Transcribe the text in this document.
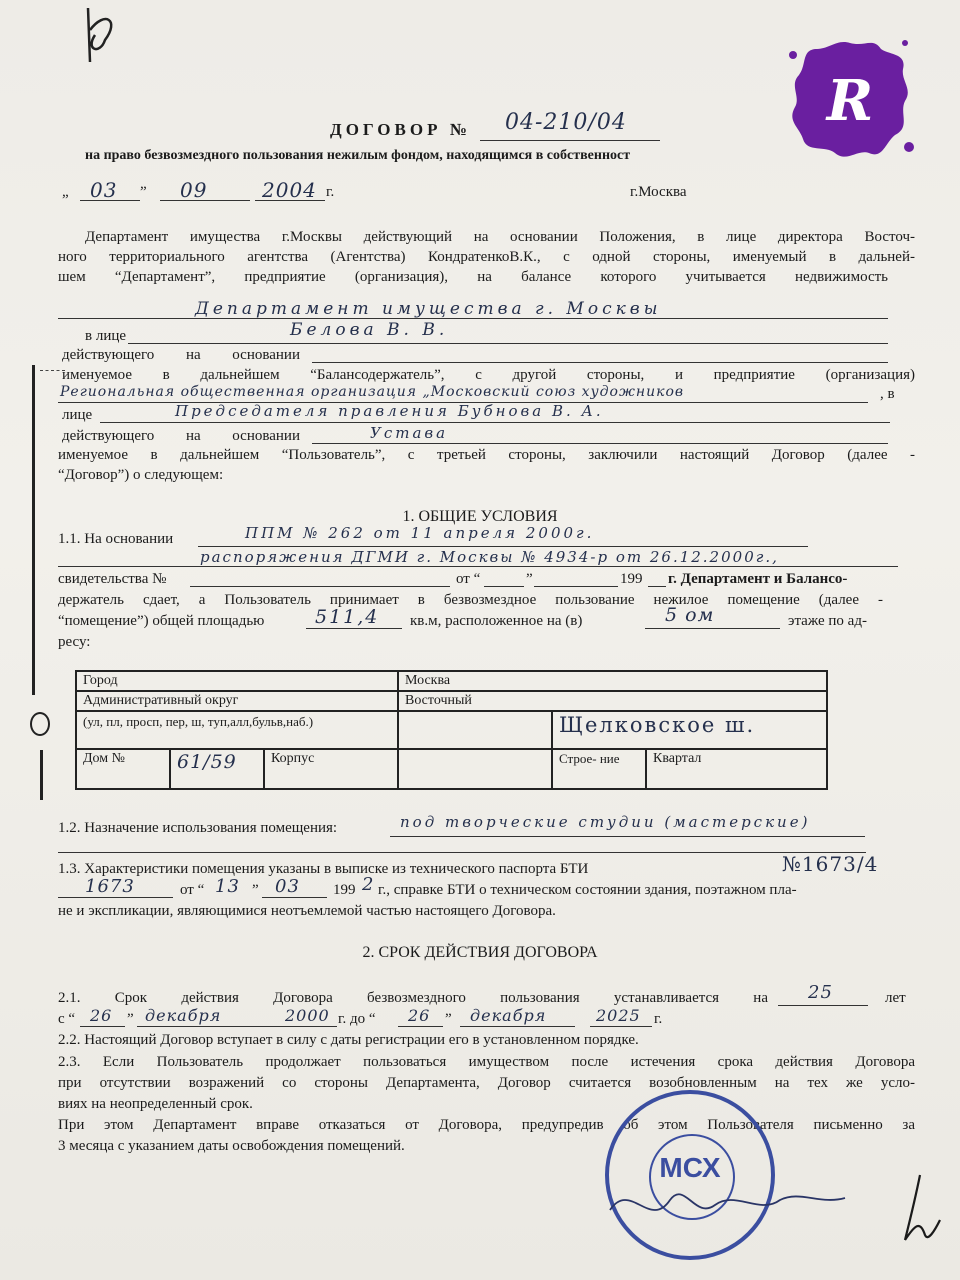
R
ДОГОВОР № 04-210/04
на право безвозмездного пользования нежилым фондом, находящимся в собственност
„ 03 ” 09	2004 г.	г.Москва
Департамент имущества г.Москвы действующий на основании Положения, в лице директора Восточ-
ного территориального агентства (Агентства) КондратенкоВ.К., с одной стороны, именуемый в дальней-
шем “Департамент”, предприятие (организация), на балансе которого учитывается недвижимость
Департамент имущества г. Москвы
в лице	Белова В. В.
действующего на основании
именуемое в дальнейшем “Балансодержатель”, с другой стороны, и предприятие (организация)
Региональная общественная организация „Московский союз художников	, в
лице	Председателя правления Бубнова В. А.
действующего на основании	Устава
именуемое в дальнейшем “Пользователь”, с третьей стороны, заключили настоящий Договор (далее -
“Договор”) о следующем:
1. ОБЩИЕ УСЛОВИЯ
1.1. На основании	ППМ № 262 от 11 апреля 2000г.
распоряжения ДГМИ г. Москвы № 4934-р от 26.12.2000г.,
свидетельства №	от “	”	199 г. Департамент и Балансо-
держатель сдает, а Пользователь принимает в безвозмездное пользование нежилое помещение (далее -
“помещение”) общей площадью	511,4 кв.м, расположенное на (в)	5 ом	этаже по ад-
ресу:
Город			Москва		
Административный округ			Восточный		
(ул, пл, просп, пер, ш, туп,алл,бульв,наб.)				Щелковское ш.	
Дом №	61/59	Корпус		Строе- ние	Квартал
1.2. Назначение использования помещения:	под творческие студии (мастерские)
1.3. Характеристики помещения указаны в выписке из технического паспорта БТИ	№1673/4
1673	от “ 13 ” 03 199 2 г., справке БТИ о техническом состоянии здания, поэтажном пла-
не и экспликации, являющимися неотъемлемой частью настоящего Договора.
2. СРОК ДЕЙСТВИЯ ДОГОВОРА
2.1. Срок действия Договора безвозмездного пользования устанавливается на 25	лет
с “ 26 ” декабря	2000 г. до “ 26 ” декабря	2025 г.
2.2. Настоящий Договор вступает в силу с даты регистрации его в установленном порядке.
2.3. Если Пользователь продолжает пользоваться имуществом после истечения срока действия Договора
при отсутствии возражений со стороны Департамента, Договор считается возобновленным на тех же усло-
виях на неопределенный срок.
При этом Департамент вправе отказаться от Договора, предупредив об этом Пользователя письменно за
3 месяца с указанием даты освобождения помещений.
МСХ
